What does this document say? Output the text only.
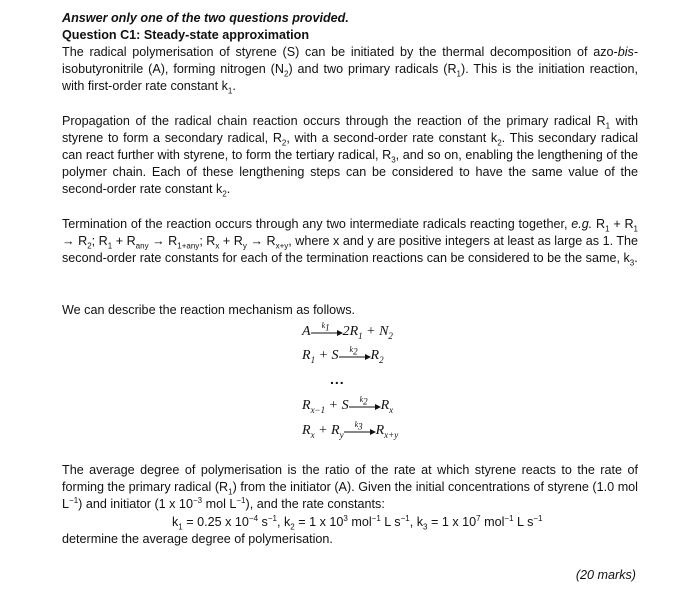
Answer only one of the two questions provided.

Question C1: Steady-state approximation

The radical polymerisation of styrene (S) can be initiated by the thermal decomposition of azo-bis-isobutyronitrile (A), forming nitrogen $(N_2)$ and two primary radicals $(R_1)$. This is the initiation reaction, with first-order rate constant $k_1$.

Propagation of the radical chain reaction occurs through the reaction of the primary radical $R_1$ with styrene to form a secondary radical, $R_2$, with a second-order rate constant $k_2$. This secondary radical can react further with styrene, to form the tertiary radical, $R_3$, and so on, enabling the lengthening of the polymer chain. Each of these lengthening steps can be considered to have the same value of the second-order rate constant $k_2$.

Termination of the reaction occurs through any two intermediate radicals reacting together, e.g. $R_1 + R_1 \to R_2$; $R_1 + R_{any} \to R_{1+any}$; $R_x + R_y \to R_{x+y}$, where x and y are positive integers at least as large as 1. The second-order rate constants for each of the termination reactions can be considered to be the same, $k_3$.

We can describe the reaction mechanism as follows.

A $k_1$ $2R_1 + N_2$
$R_1 + S$ $k_2$ $R_2$
...
$R_{x-1} + S$ $k_2$ $R_x$
$R_x + R_y$
$k_3$ $R_{x+y}$

The average degree of polymerisation is the ratio of the rate at which styrene reacts to the rate of forming the primary radical $(R_1)$ from the initiator (A). Given the initial concentrations of styrene (1.0 mol $L^{-1}$) and initiator (1 x $10^{-3}$ mol $L^{-1}$), and the rate constants:

$k_1 = 0.25$ x $10^{-4}$ $s^{-1}$, $k_2 = 1$ x $10^3$ mol$^{-1}$ L $s^{-1}$, $k_3 = 1$ x $10^7$ mol$^{-1}$ L $s^{-1}$

determine the average degree of polymerisation.

(20 marks)
